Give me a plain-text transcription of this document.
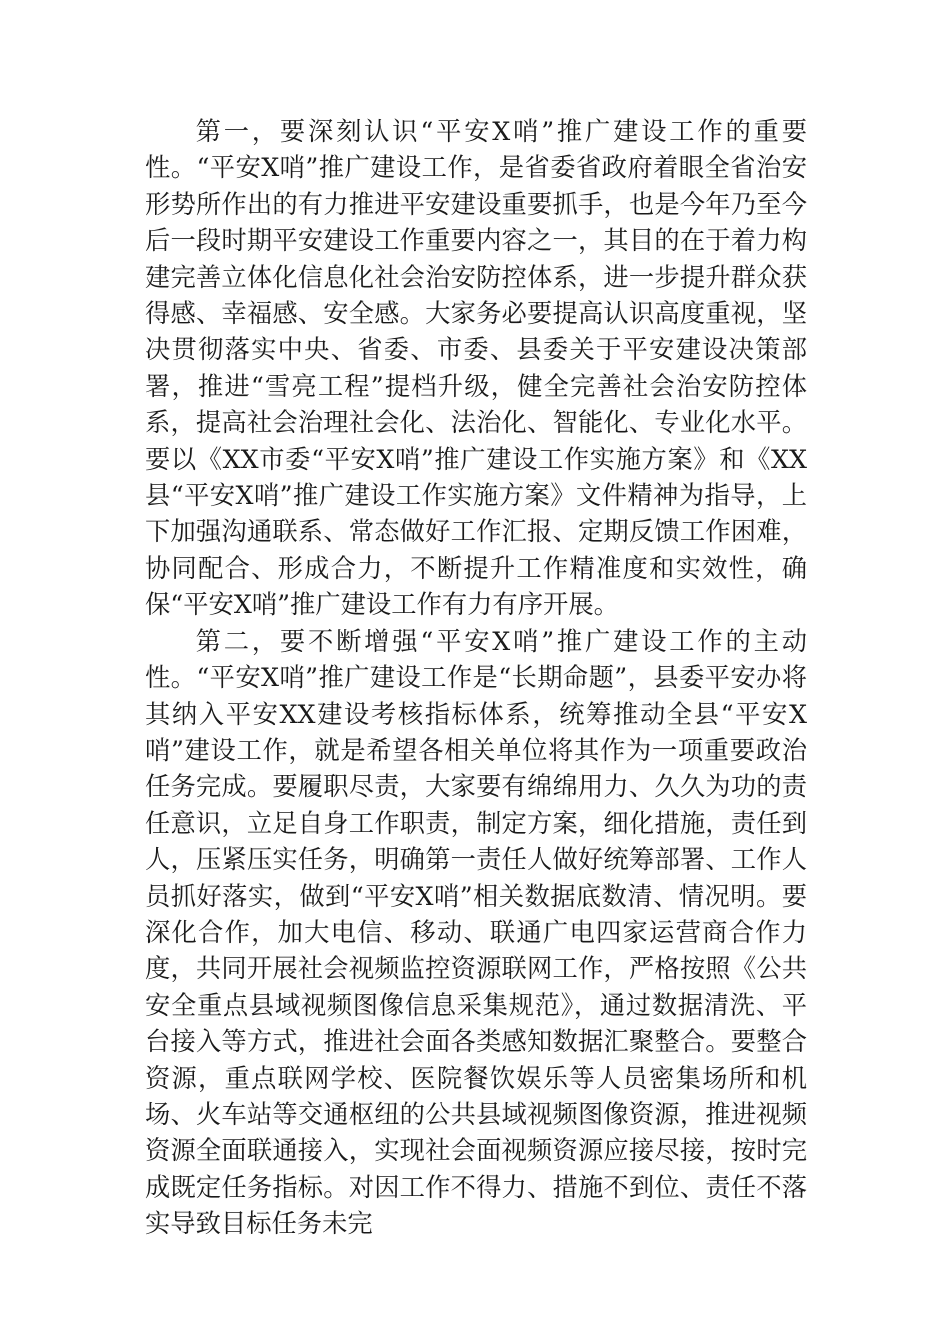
第一，要深刻认识“平安X哨”推广建设工作的重要性。“平安X哨”推广建设工作，是省委省政府着眼全省治安形势所作出的有力推进平安建设重要抓手，也是今年乃至今后一段时期平安建设工作重要内容之一，其目的在于着力构建完善立体化信息化社会治安防控体系，进一步提升群众获得感、幸福感、安全感。大家务必要提高认识高度重视，坚决贯彻落实中央、省委、市委、县委关于平安建设决策部署，推进“雪亮工程”提档升级，健全完善社会治安防控体系，提高社会治理社会化、法治化、智能化、专业化水平。要以《XX市委“平安X哨”推广建设工作实施方案》和《XX县“平安X哨”推广建设工作实施方案》文件精神为指导，上下加强沟通联系、常态做好工作汇报、定期反馈工作困难，协同配合、形成合力，不断提升工作精准度和实效性，确保“平安X哨”推广建设工作有力有序开展。

第二，要不断增强“平安X哨”推广建设工作的主动性。“平安X哨”推广建设工作是“长期命题”，县委平安办将其纳入平安XX建设考核指标体系，统筹推动全县“平安X哨”建设工作，就是希望各相关单位将其作为一项重要政治任务完成。要履职尽责，大家要有绵绵用力、久久为功的责任意识，立足自身工作职责，制定方案，细化措施，责任到人，压紧压实任务，明确第一责任人做好统筹部署、工作人员抓好落实，做到“平安X哨”相关数据底数清、情况明。要深化合作，加大电信、移动、联通广电四家运营商合作力度，共同开展社会视频监控资源联网工作，严格按照《公共安全重点县域视频图像信息采集规范》，通过数据清洗、平台接入等方式，推进社会面各类感知数据汇聚整合。要整合资源，重点联网学校、医院餐饮娱乐等人员密集场所和机场、火车站等交通枢纽的公共县域视频图像资源，推进视频资源全面联通接入，实现社会面视频资源应接尽接，按时完成既定任务指标。对因工作不得力、措施不到位、责任不落实导致目标任务未完
